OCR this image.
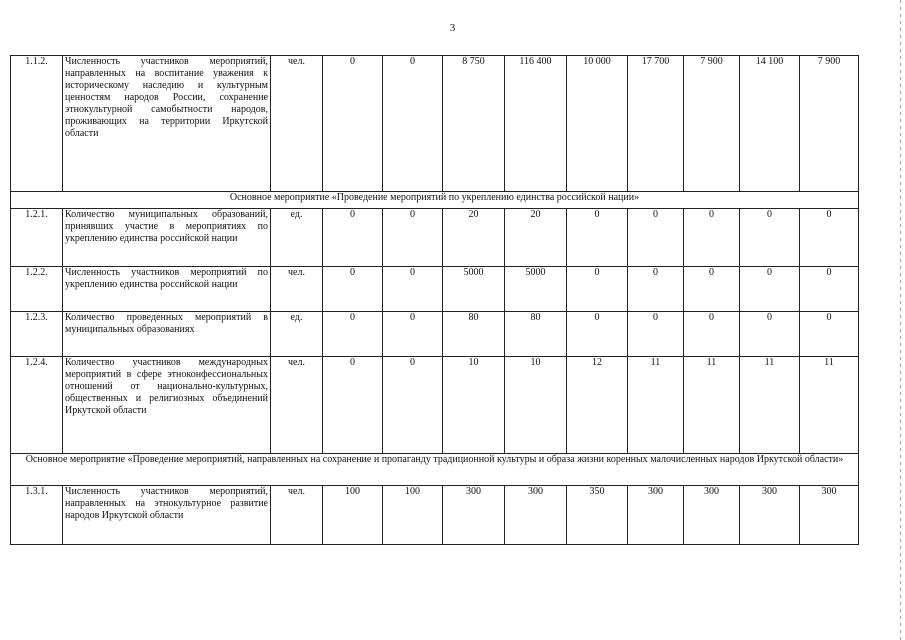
3
1.1.2.	Численность участников мероприятий, направленных на воспитание уважения к историческому наследию и культурным ценностям народов России, сохранение этнокультурной самобытности народов, проживающих на территории Иркутской области	чел.	0	0	8 750	116 400	10 000	17 700	7 900	14 100	7 900
Основное мероприятие «Проведение мероприятий по укреплению единства российской нации»											
1.2.1.	Количество муниципальных образований, принявших участие в мероприятиях по укреплению единства российской нации	ед.	0	0	20	20	0	0	0	0	0
1.2.2.	Численность участников мероприятий по укреплению единства российской нации	чел.	0	0	5000	5000	0	0	0	0	0
1.2.3.	Количество проведенных мероприятий в муниципальных образованиях	ед.	0	0	80	80	0	0	0	0	0
1.2.4.	Количество участников международных мероприятий в сфере этноконфессиональных отношений от национально-культурных, общественных и религиозных объединений Иркутской области	чел.	0	0	10	10	12	11	11	11	11
Основное мероприятие «Проведение мероприятий, направленных на сохранение и пропаганду традиционной культуры и образа жизни коренных малочисленных народов Иркутской области»											
1.3.1.	Численность участников мероприятий, направленных на этнокультурное развитие народов Иркутской области	чел.	100	100	300	300	350	300	300	300	300
